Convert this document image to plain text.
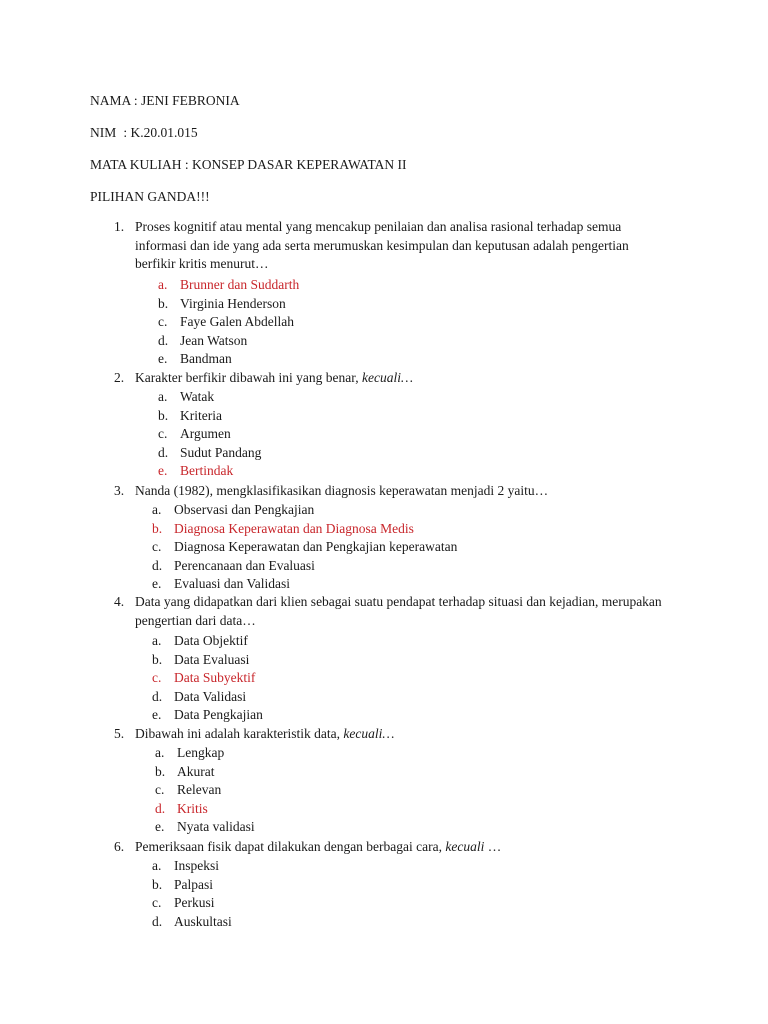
NAMA : JENI FEBRONIA
NIM : K.20.01.015
MATA KULIAH : KONSEP DASAR KEPERAWATAN II
PILIHAN GANDA!!!
1. Proses kognitif atau mental yang mencakup penilaian dan analisa rasional terhadap semua
informasi dan ide yang ada serta merumuskan kesimpulan dan keputusan adalah pengertian
berfikir kritis menurut…
a. Brunner dan Suddarth
b. Virginia Henderson
c. Faye Galen Abdellah
d. Jean Watson
e. Bandman
2. Karakter berfikir dibawah ini yang benar, kecuali…
a. Watak
b. Kriteria
c. Argumen
d. Sudut Pandang
e. Bertindak
3. Nanda (1982), mengklasifikasikan diagnosis keperawatan menjadi 2 yaitu…
a. Observasi dan Pengkajian
b. Diagnosa Keperawatan dan Diagnosa Medis
c. Diagnosa Keperawatan dan Pengkajian keperawatan
d. Perencanaan dan Evaluasi
e. Evaluasi dan Validasi
4. Data yang didapatkan dari klien sebagai suatu pendapat terhadap situasi dan kejadian, merupakan
pengertian dari data…
a. Data Objektif
b. Data Evaluasi
c. Data Subyektif
d. Data Validasi
e. Data Pengkajian
5. Dibawah ini adalah karakteristik data, kecuali…
a. Lengkap
b. Akurat
c. Relevan
d. Kritis
e. Nyata validasi
6. Pemeriksaan fisik dapat dilakukan dengan berbagai cara, kecuali …
a. Inspeksi
b. Palpasi
c. Perkusi
d. Auskultasi
